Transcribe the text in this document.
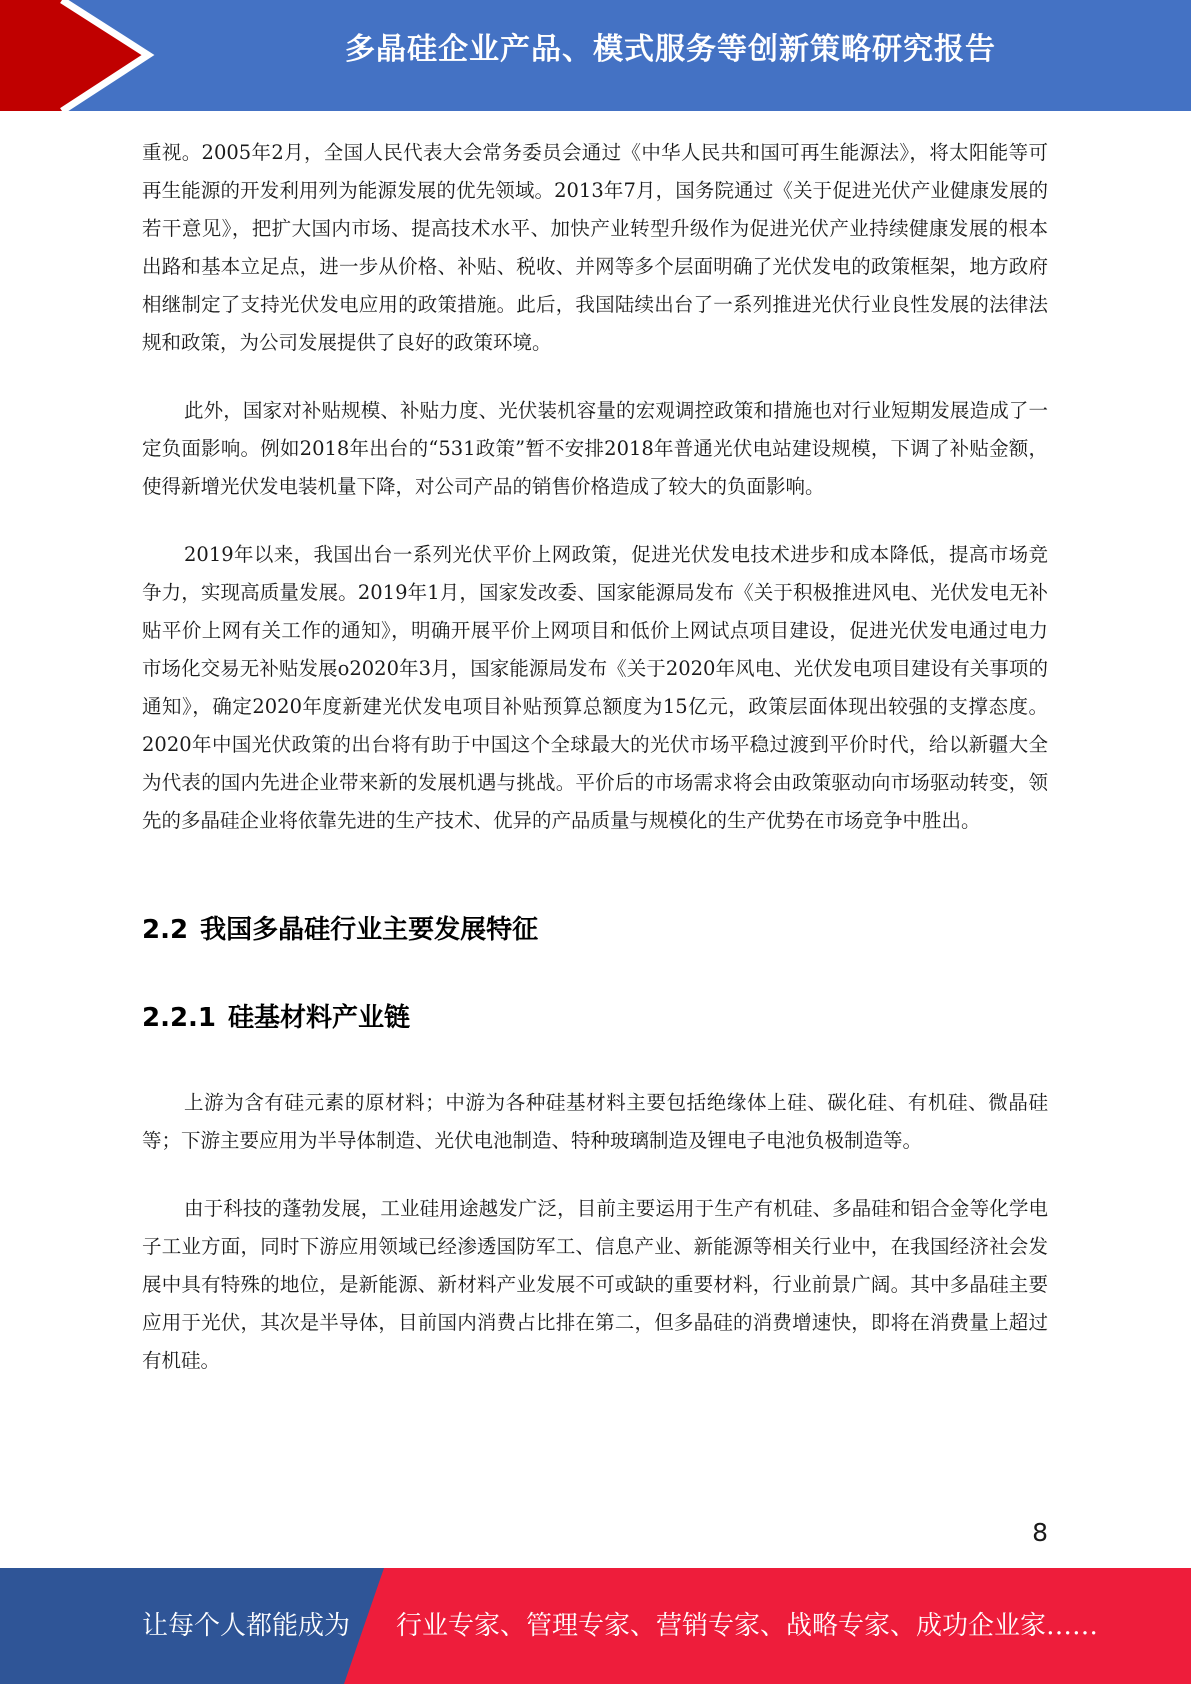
多晶硅企业产品、模式服务等创新策略研究报告

重视。2005年2月，全国人民代表大会常务委员会通过《中华人民共和国可再生能源法》，将太阳能等可再生能源的开发利用列为能源发展的优先领域。2013年7月，国务院通过《关于促进光伏产业健康发展的若干意见》，把扩大国内市场、提高技术水平、加快产业转型升级作为促进光伏产业持续健康发展的根本出路和基本立足点，进一步从价格、补贴、税收、并网等多个层面明确了光伏发电的政策框架，地方政府相继制定了支持光伏发电应用的政策措施。此后，我国陆续出台了一系列推进光伏行业良性发展的法律法规和政策，为公司发展提供了良好的政策环境。

此外，国家对补贴规模、补贴力度、光伏装机容量的宏观调控政策和措施也对行业短期发展造成了一定负面影响。例如2018年出台的“531政策”暂不安排2018年普通光伏电站建设规模，下调了补贴金额，使得新增光伏发电装机量下降，对公司产品的销售价格造成了较大的负面影响。

2019年以来，我国出台一系列光伏平价上网政策，促进光伏发电技术进步和成本降低，提高市场竞争力，实现高质量发展。2019年1月，国家发改委、国家能源局发布《关于积极推进风电、光伏发电无补贴平价上网有关工作的通知》，明确开展平价上网项目和低价上网试点项目建设，促进光伏发电通过电力市场化交易无补贴发展o2020年3月，国家能源局发布《关于2020年风电、光伏发电项目建设有关事项的通知》，确定2020年度新建光伏发电项目补贴预算总额度为15亿元，政策层面体现出较强的支撑态度。2020年中国光伏政策的出台将有助于中国这个全球最大的光伏市场平稳过渡到平价时代，给以新疆大全为代表的国内先进企业带来新的发展机遇与挑战。平价后的市场需求将会由政策驱动向市场驱动转变，领先的多晶硅企业将依靠先进的生产技术、优异的产品质量与规模化的生产优势在市场竞争中胜出。

2.2 我国多晶硅行业主要发展特征
2.2.1 硅基材料产业链

上游为含有硅元素的原材料；中游为各种硅基材料主要包括绝缘体上硅、碳化硅、有机硅、微晶硅等；下游主要应用为半导体制造、光伏电池制造、特种玻璃制造及锂电子电池负极制造等。

由于科技的蓬勃发展，工业硅用途越发广泛，目前主要运用于生产有机硅、多晶硅和铝合金等化学电子工业方面，同时下游应用领域已经渗透国防军工、信息产业、新能源等相关行业中，在我国经济社会发展中具有特殊的地位，是新能源、新材料产业发展不可或缺的重要材料，行业前景广阔。其中多晶硅主要应用于光伏，其次是半导体，目前国内消费占比排在第二，但多晶硅的消费增速快，即将在消费量上超过有机硅。

8
让每个人都能成为 行业专家、管理专家、营销专家、战略专家、成功企业家……
